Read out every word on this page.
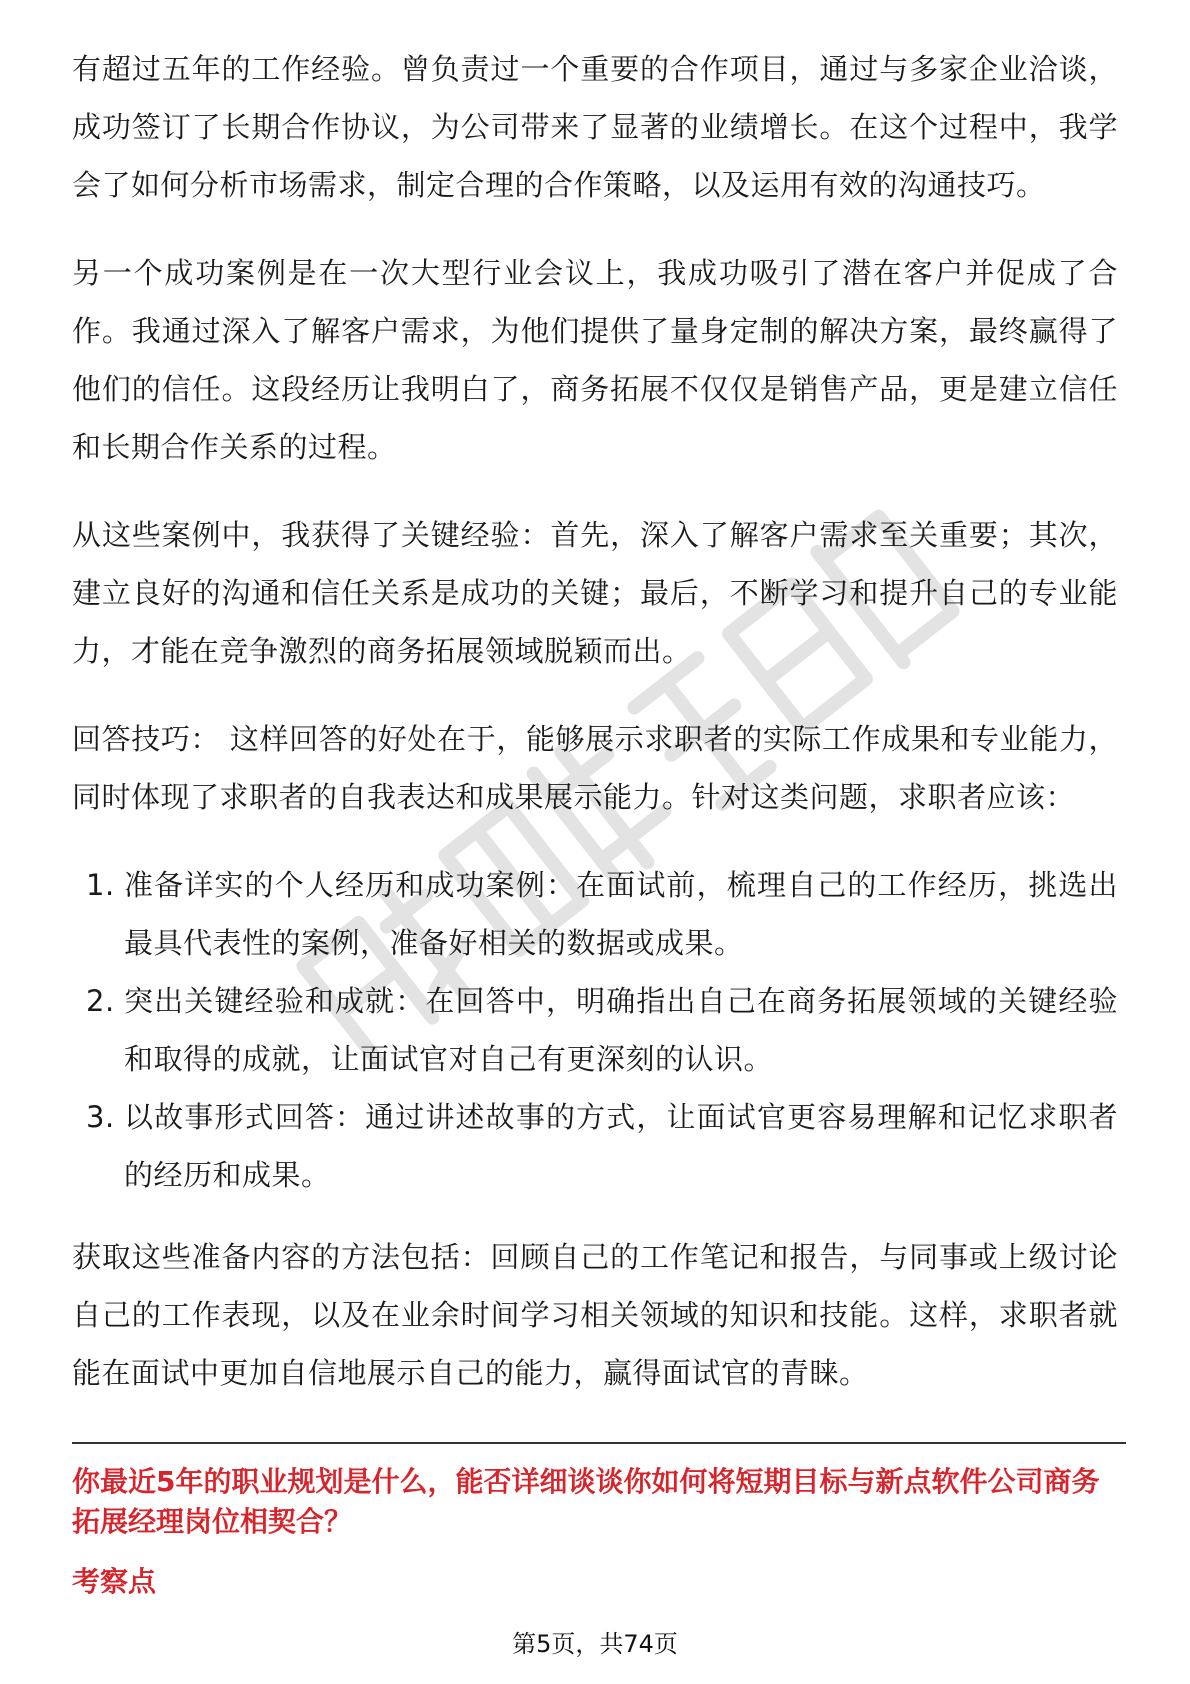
有超过五年的工作经验。曾负责过一个重要的合作项目，通过与多家企业洽谈，成功签订了长期合作协议，为公司带来了显著的业绩增长。在这个过程中，我学会了如何分析市场需求，制定合理的合作策略，以及运用有效的沟通技巧。

另一个成功案例是在一次大型行业会议上，我成功吸引了潜在客户并促成了合作。我通过深入了解客户需求，为他们提供了量身定制的解决方案，最终赢得了他们的信任。这段经历让我明白了，商务拓展不仅仅是销售产品，更是建立信任和长期合作关系的过程。

从这些案例中，我获得了关键经验：首先，深入了解客户需求至关重要；其次，建立良好的沟通和信任关系是成功的关键；最后，不断学习和提升自己的专业能力，才能在竞争激烈的商务拓展领域脱颖而出。

回答技巧： 这样回答的好处在于，能够展示求职者的实际工作成果和专业能力，同时体现了求职者的自我表达和成果展示能力。针对这类问题，求职者应该：

1. 准备详实的个人经历和成功案例：在面试前，梳理自己的工作经历，挑选出最具代表性的案例，准备好相关的数据或成果。
2. 突出关键经验和成就：在回答中，明确指出自己在商务拓展领域的关键经验和取得的成就，让面试官对自己有更深刻的认识。
3. 以故事形式回答：通过讲述故事的方式，让面试官更容易理解和记忆求职者的经历和成果。

获取这些准备内容的方法包括：回顾自己的工作笔记和报告，与同事或上级讨论自己的工作表现，以及在业余时间学习相关领域的知识和技能。这样，求职者就能在面试中更加自信地展示自己的能力，赢得面试官的青睐。

你最近5年的职业规划是什么，能否详细谈谈你如何将短期目标与新点软件公司商务拓展经理岗位相契合？

考察点

第5页，共74页
